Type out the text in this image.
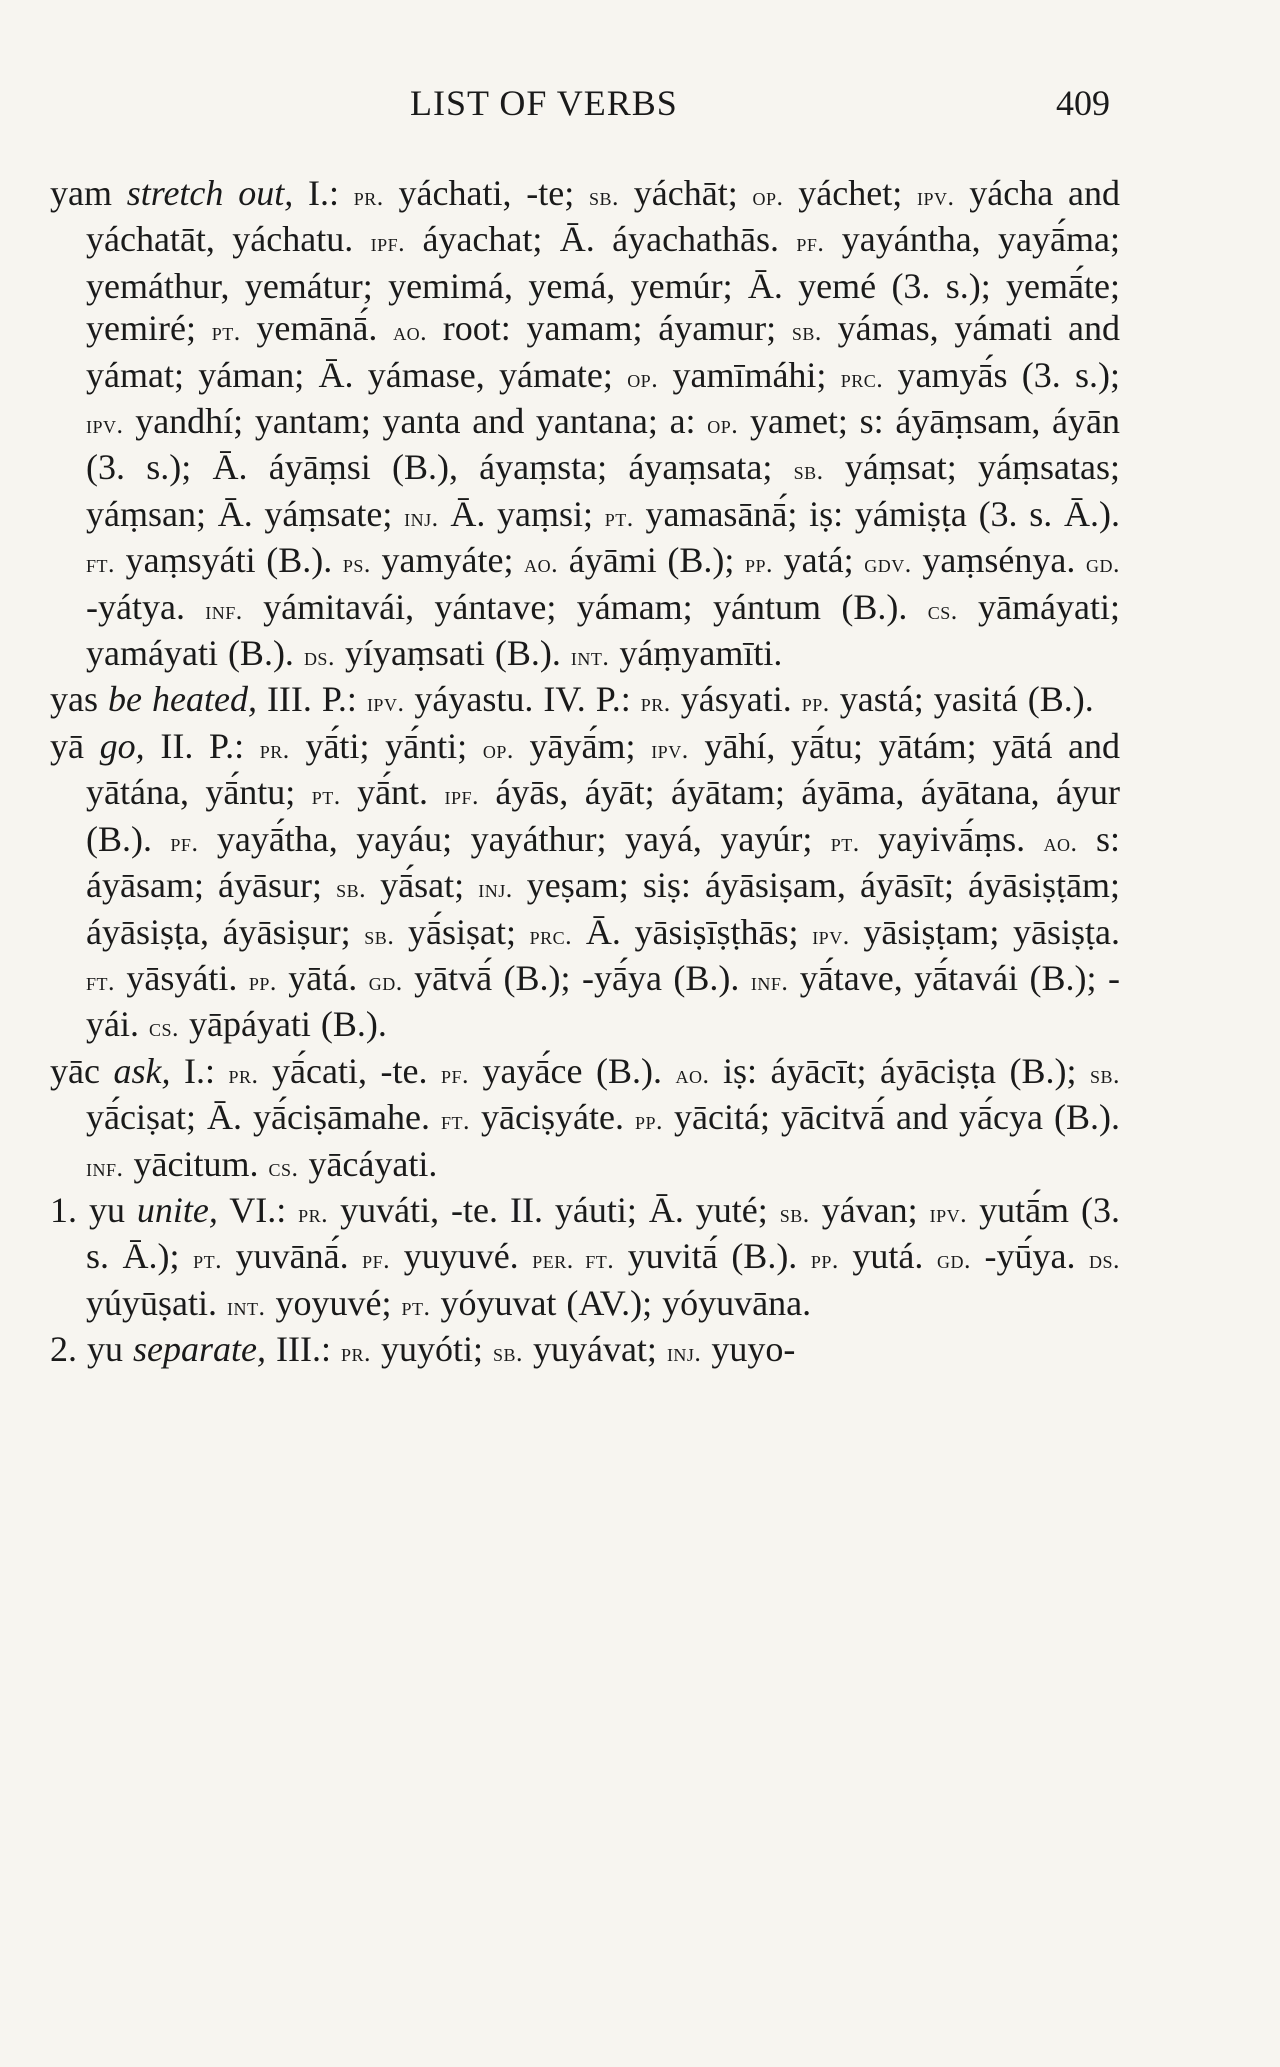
LIST OF VERBS	409

yam stretch out, I.: pr. yáchati, -te; sb. yáchāt; op. yáchet; ipv. yácha and yáchatāt, yáchatu. ipf. áyachat; Ā. áyachathās. pf. yayántha, yayā́ma; yemáthur, yemátur; yemimá, yemá, yemúr; Ā. yemé (3. s.); yemā́te; yemiré; pt. yemānā́. ao. root: yamam; áyamur; sb. yámas, yámati and yámat; yáman; Ā. yámase, yámate; op. yamīmáhi; prc. yamyā́s (3. s.); ipv. yandhí; yantam; yanta and yantana; a: op. yamet; s: áyāṃsam, áyān (3. s.); Ā. áyāṃsi (B.), áyaṃsta; áyaṃsata; sb. yáṃsat; yáṃsatas; yáṃsan; Ā. yáṃsate; inj. Ā. yaṃsi; pt. yamasānā́; iṣ: yámiṣṭa (3. s. Ā.). ft. yaṃsyáti (B.). ps. yamyáte; ao. áyāmi (B.); pp. yatá; gdv. yaṃsénya. gd. -yátya. inf. yámitavái, yántave; yámam; yántum (B.). cs. yāmáyati; yamáyati (B.). ds. yíyaṃsati (B.). int. yáṃyamīti.

yas be heated, III. P.: ipv. yáyastu. IV. P.: pr. yásyati. pp. yastá; yasitá (B.).

yā go, II. P.: pr. yā́ti; yā́nti; op. yāyā́m; ipv. yāhí, yā́tu; yātám; yātá and yātána, yā́ntu; pt. yā́nt. ipf. áyās, áyāt; áyātam; áyāma, áyātana, áyur (B.). pf. yayā́tha, yayáu; yayáthur; yayá, yayúr; pt. yayivā́ṃs. ao. s: áyāsam; áyāsur; sb. yā́sat; inj. yeṣam; siṣ: áyāsiṣam, áyāsīt; áyāsiṣṭām; áyāsiṣṭa, áyāsiṣur; sb. yā́siṣat; prc. Ā. yāsiṣīṣṭhās; ipv. yāsiṣṭam; yāsiṣṭa. ft. yāsyáti. pp. yātá. gd. yātvā́ (B.); -yā́ya (B.). inf. yā́tave, yā́tavái (B.); -yái. cs. yāpáyati (B.).

yāc ask, I.: pr. yā́cati, -te. pf. yayā́ce (B.). ao. iṣ: áyācīt; áyāciṣṭa (B.); sb. yā́ciṣat; Ā. yā́ciṣāmahe. ft. yāciṣyáte. pp. yācitá; yācitvā́ and yā́cya (B.). inf. yācitum. cs. yācáyati.

1. yu unite, VI.: pr. yuváti, -te. II. yáuti; Ā. yuté; sb. yávan; ipv. yutā́m (3. s. Ā.); pt. yuvānā́. pf. yuyuvé. per. ft. yuvitā́ (B.). pp. yutá. gd. -yū́ya. ds. yúyūṣati. int. yoyuvé; pt. yóyuvat (AV.); yóyuvāna.

2. yu separate, III.: pr. yuyóti; sb. yuyávat; inj. yuyo-
